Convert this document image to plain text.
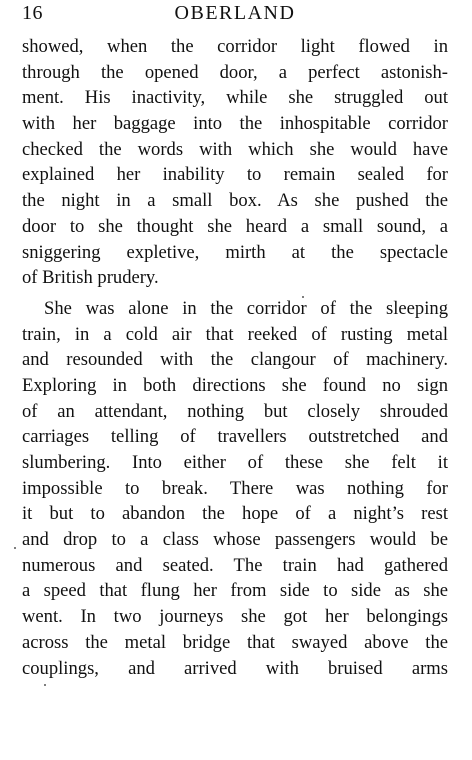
16	OBERLAND
showed, when the corridor light flowed in
through the opened door, a perfect astonish-
ment. His inactivity, while she struggled out
with her baggage into the inhospitable corridor
checked the words with which she would have
explained her inability to remain sealed for
the night in a small box. As she pushed the
door to she thought she heard a small sound, a
sniggering expletive, mirth at the spectacle
of British prudery.
She was alone in the corridor of the sleeping
train, in a cold air that reeked of rusting metal
and resounded with the clangour of machinery.
Exploring in both directions she found no sign
of an attendant, nothing but closely shrouded
carriages telling of travellers outstretched and
slumbering. Into either of these she felt it
impossible to break. There was nothing for
it but to abandon the hope of a night’s rest
and drop to a class whose passengers would be
numerous and seated. The train had gathered
a speed that flung her from side to side as she
went. In two journeys she got her belongings
across the metal bridge that swayed above the
couplings, and arrived with bruised arms
